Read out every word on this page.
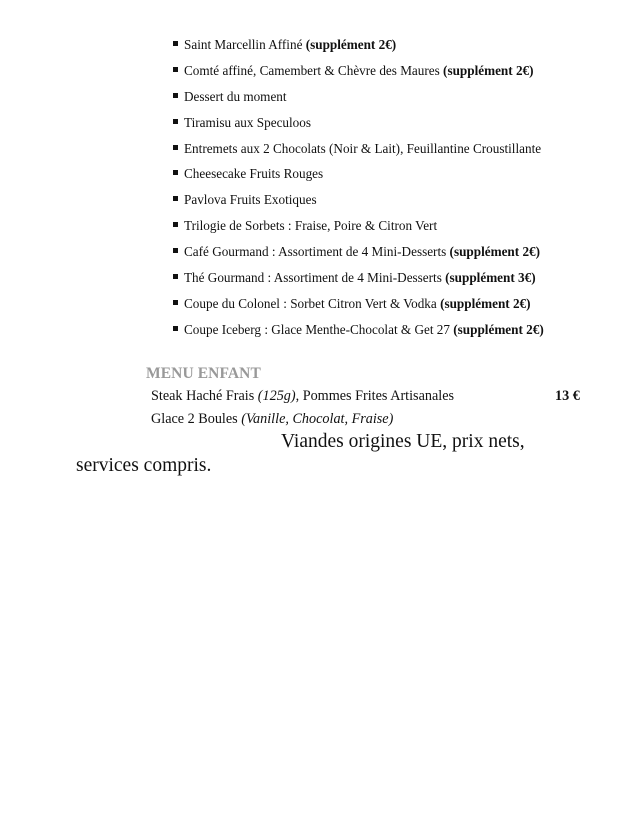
Saint Marcellin Affiné (supplément 2€)
Comté affiné, Camembert & Chèvre des Maures (supplément 2€)
Dessert du moment
Tiramisu aux Speculoos
Entremets aux 2 Chocolats (Noir & Lait), Feuillantine Croustillante
Cheesecake Fruits Rouges
Pavlova Fruits Exotiques
Trilogie de Sorbets : Fraise, Poire & Citron Vert
Café Gourmand : Assortiment de 4 Mini-Desserts (supplément 2€)
Thé Gourmand : Assortiment de 4 Mini-Desserts (supplément 3€)
Coupe du Colonel : Sorbet Citron Vert & Vodka (supplément 2€)
Coupe Iceberg : Glace Menthe-Chocolat & Get 27 (supplément 2€)
MENU ENFANT
Steak Haché Frais (125g), Pommes Frites Artisanales	13 €
Glace 2 Boules (Vanille, Chocolat, Fraise)
Viandes origines UE, prix nets,
services compris.
